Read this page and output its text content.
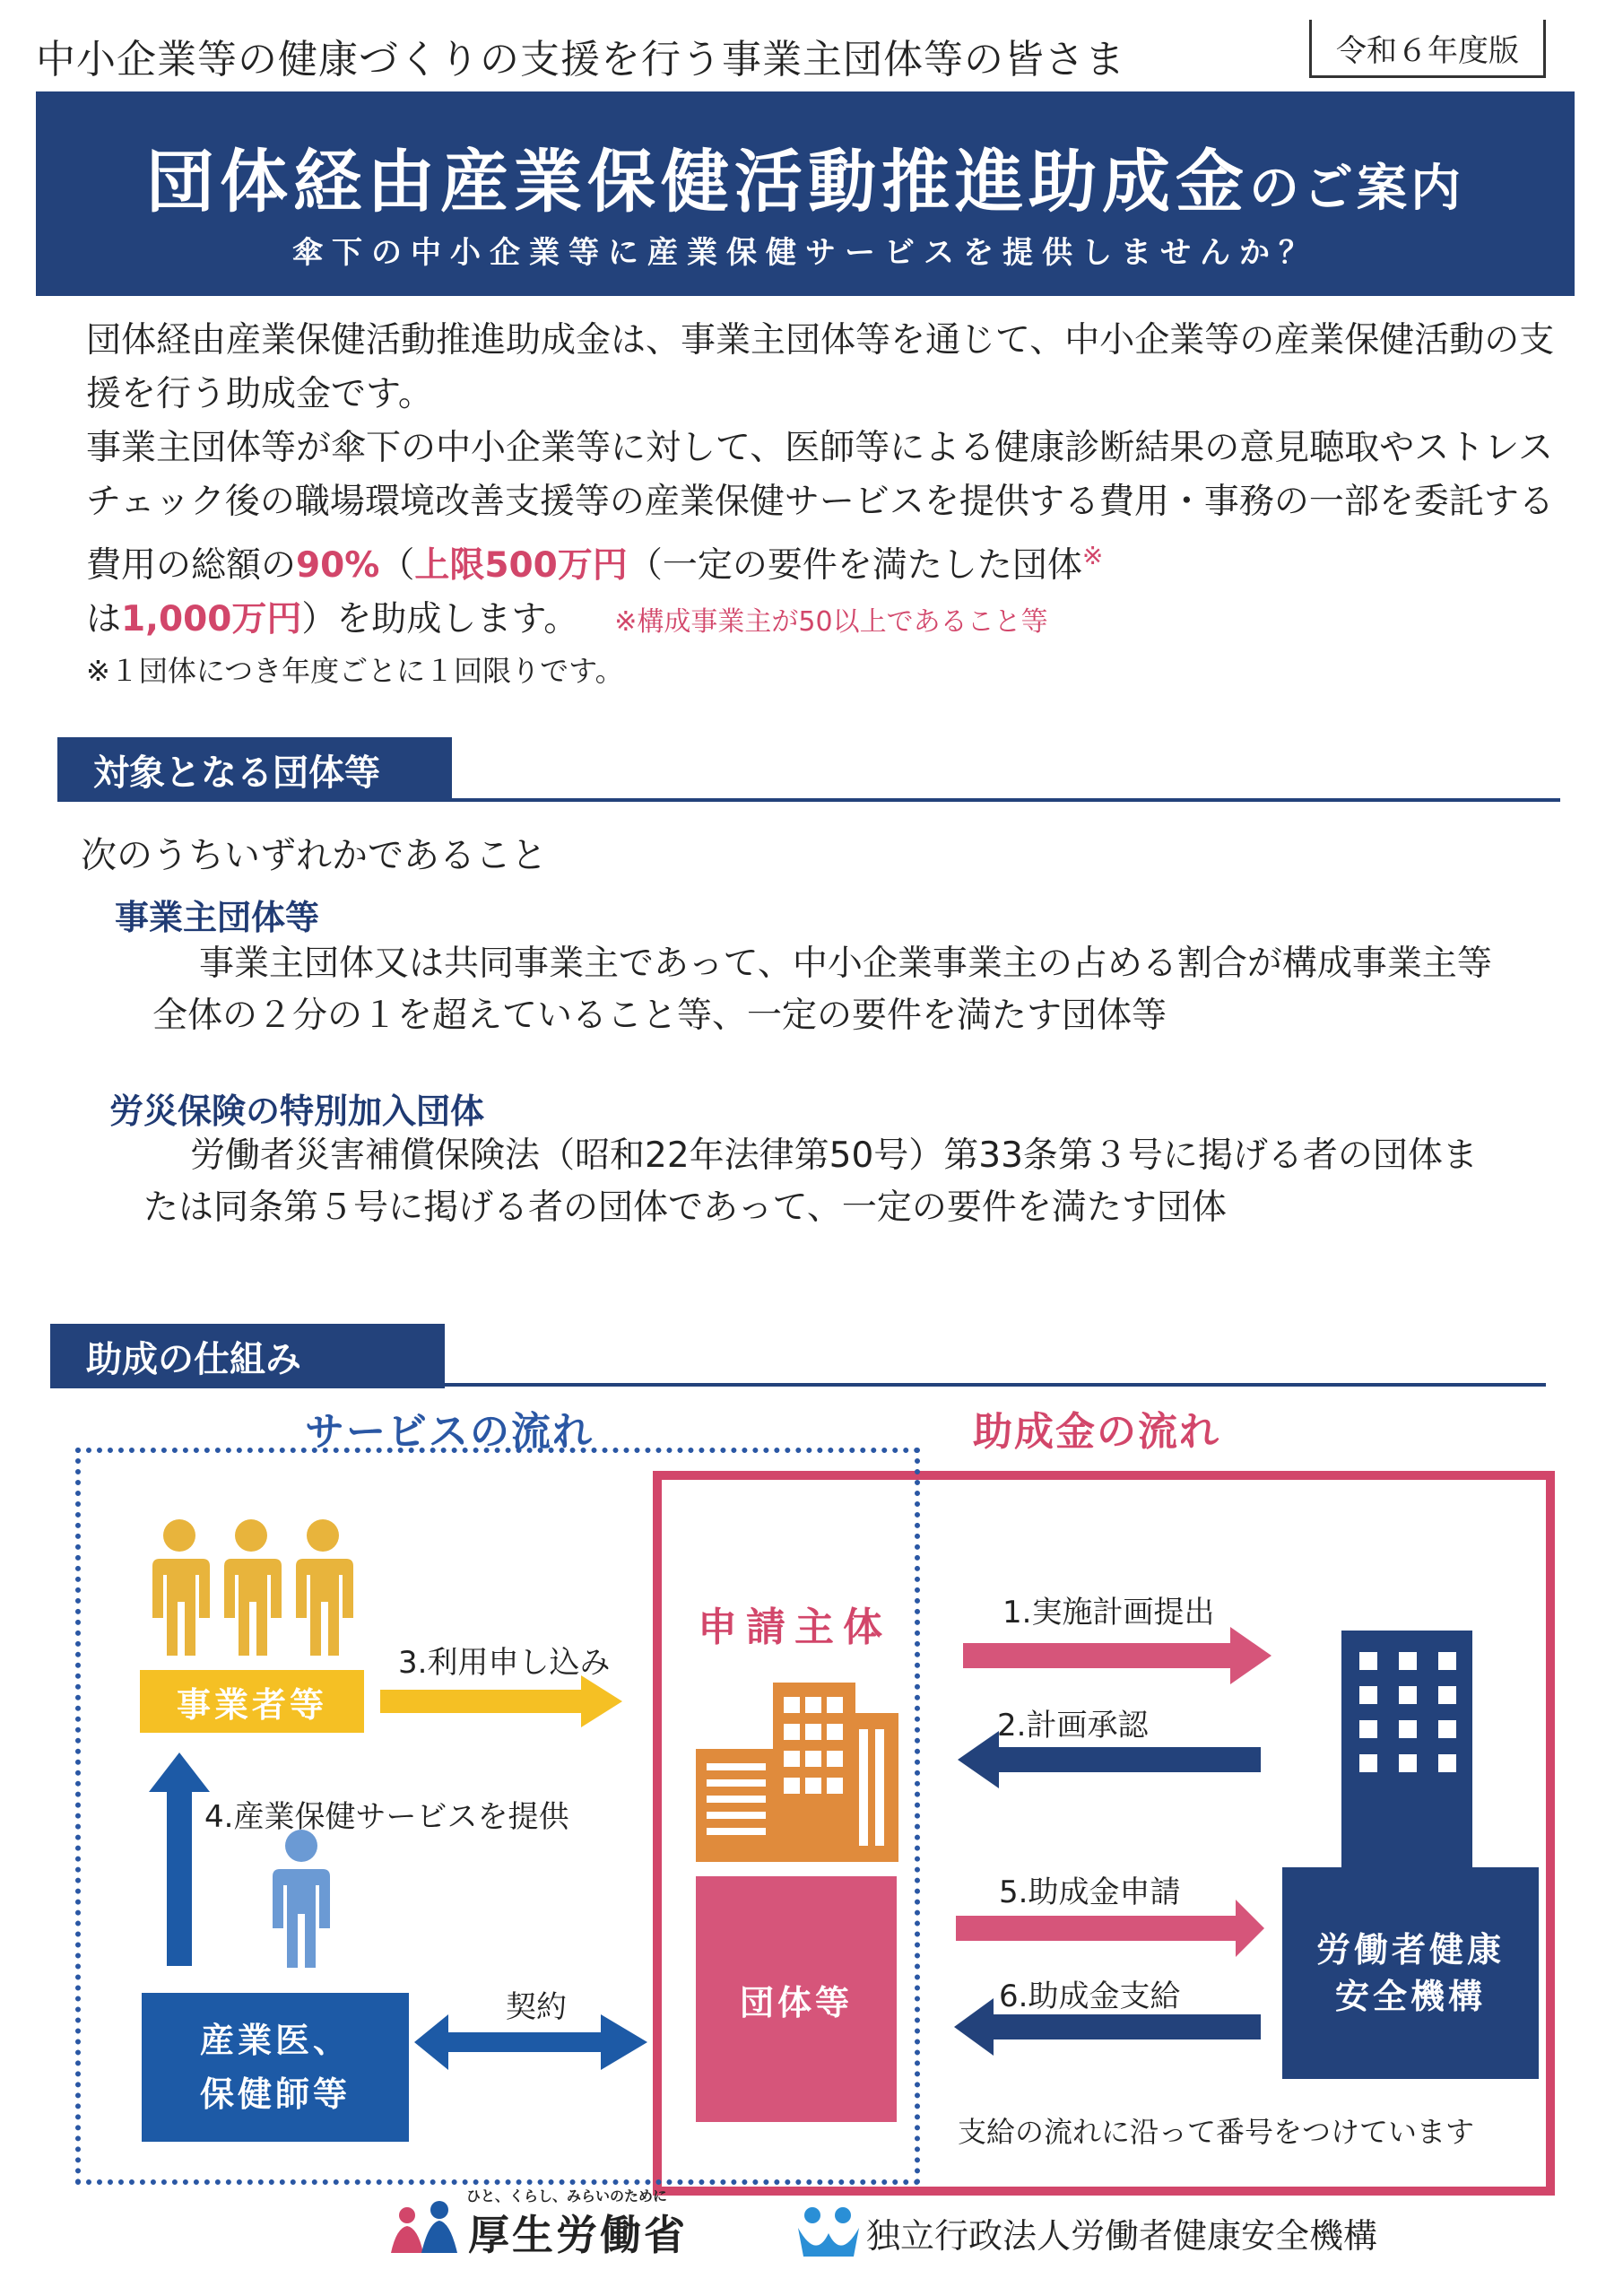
中小企業等の健康づくりの支援を行う事業主団体等の皆さま	令和６年度版
団体経由産業保健活動推進助成金のご案内
傘下の中小企業等に産業保健サービスを提供しませんか？
団体経由産業保健活動推進助成金は、事業主団体等を通じて、中小企業等の産業保健活動の支援を行う助成金です。
事業主団体等が傘下の中小企業等に対して、医師等による健康診断結果の意見聴取やストレスチェック後の職場環境改善支援等の産業保健サービスを提供する費用・事務の一部を委託する費用の総額の90%（上限500万円（一定の要件を満たした団体※
は1,000万円）を助成します。 ※構成事業主が50以上であること等
※１団体につき年度ごとに１回限りです。
対象となる団体等
次のうちいずれかであること
事業主団体等
事業主団体又は共同事業主であって、中小企業事業主の占める割合が構成事業主等全体の２分の１を超えていること等、一定の要件を満たす団体等
労災保険の特別加入団体
労働者災害補償保険法（昭和22年法律第50号）第33条第３号に掲げる者の団体または同条第５号に掲げる者の団体であって、一定の要件を満たす団体
助成の仕組み
サービスの流れ	助成金の流れ
申請主体
事業者等
産業医、
保健師等
団体等
労働者健康
安全機構
3.利用申し込み
4.産業保健サービスを提供
契約
1.実施計画提出
2.計画承認
5.助成金申請
6.助成金支給
支給の流れに沿って番号をつけています
ひと、くらし、みらいのために
厚生労働省	独立行政法人労働者健康安全機構
